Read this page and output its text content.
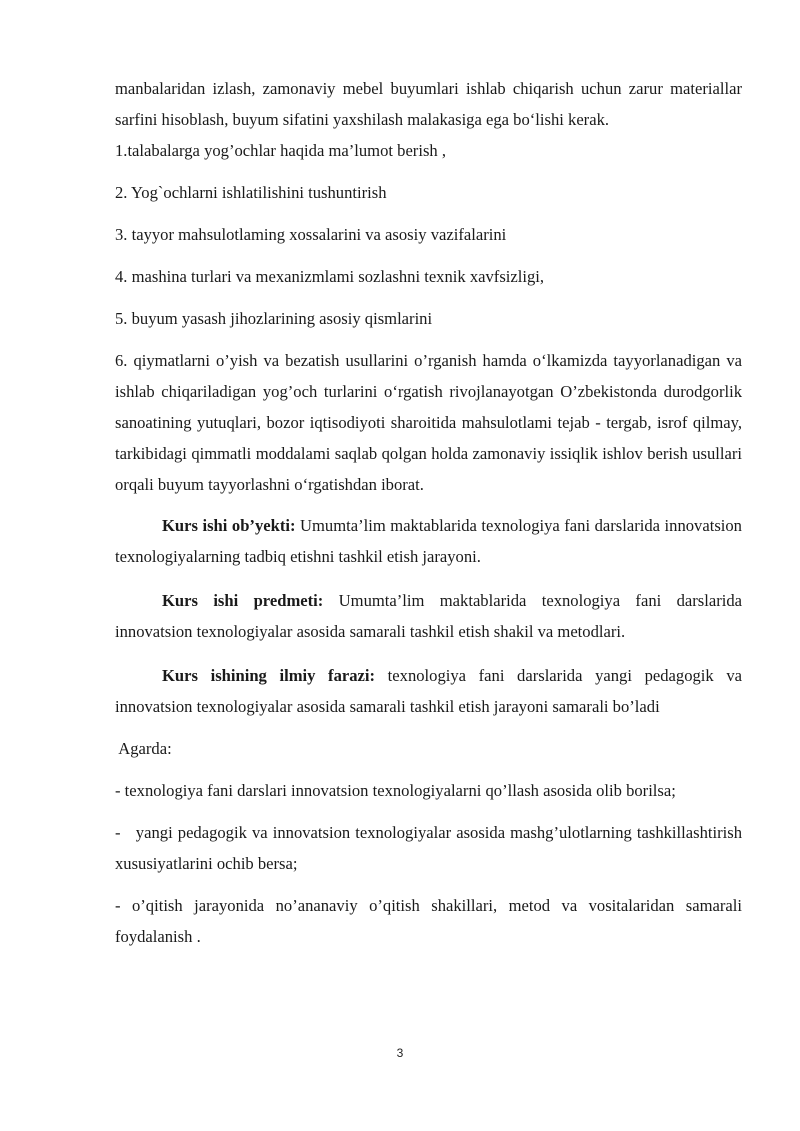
manbalaridan izlash, zamonaviy mebel buyumlari ishlab chiqarish uchun zarur materiallar sarfini hisoblash, buyum sifatini yaxshilash malakasiga ega bo‘lishi kerak.

1.talabalarga yog’ochlar haqida ma’lumot berish ,

2. Yog`ochlarni ishlatilishini tushuntirish

3. tayyor mahsulotlaming xossalarini va asosiy vazifalarini

4. mashina turlari va mexanizmlami sozlashni texnik xavfsizligi,

5. buyum yasash jihozlarining asosiy qismlarini

6. qiymatlarni o’yish va bezatish usullarini o’rganish hamda o‘lkamizda tayyorlanadigan va ishlab chiqariladigan yog’och turlarini o‘rgatish rivojlanayotgan O’zbekistonda durodgorlik sanoatining yutuqlari, bozor iqtisodiyoti sharoitida mahsulotlami tejab - tergab, isrof qilmay, tarkibidagi qimmatli moddalami saqlab qolgan holda zamonaviy issiqlik ishlov berish usullari orqali buyum tayyorlashni o‘rgatishdan iborat.

Kurs ishi ob’yekti: Umumta’lim maktablarida texnologiya fani darslarida innovatsion texnologiyalarning tadbiq etishni tashkil etish jarayoni.

Kurs ishi predmeti: Umumta’lim maktablarida texnologiya fani darslarida innovatsion texnologiyalar asosida samarali tashkil etish shakil va metodlari.

Kurs ishining ilmiy farazi: texnologiya fani darslarida yangi pedagogik va innovatsion texnologiyalar asosida samarali tashkil etish jarayoni samarali bo’ladi

Agarda:

- texnologiya fani darslari innovatsion texnologiyalarni qo’llash asosida olib borilsa;

-   yangi pedagogik va innovatsion texnologiyalar asosida mashg’ulotlarning tashkillashtirish xususiyatlarini ochib bersa;

- o’qitish jarayonida no’ananaviy o’qitish shakillari, metod va vositalaridan samarali foydalanish .

3
